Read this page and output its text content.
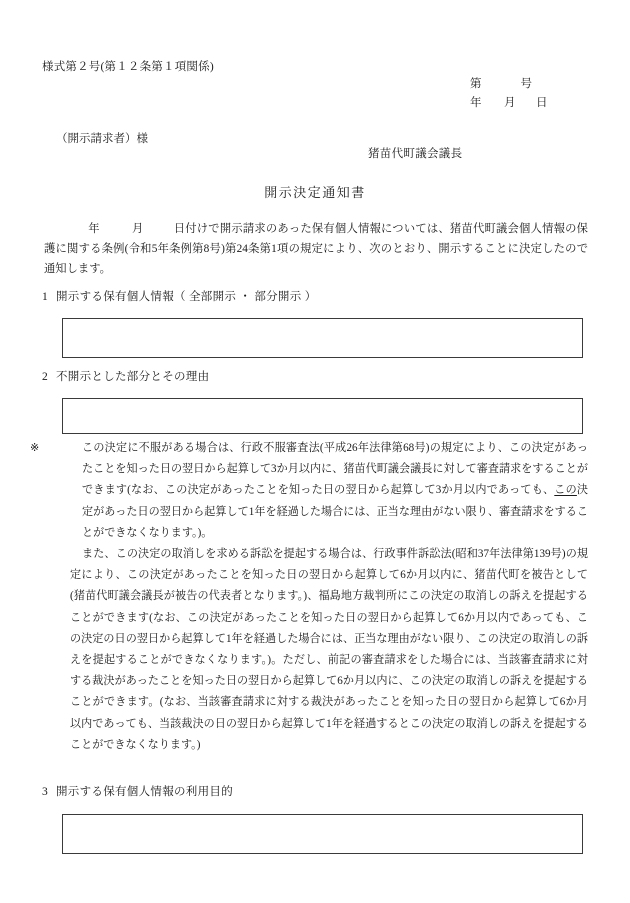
様式第２号(第１２条第１項関係)
第	号
年	月	日
（開示請求者）様
猪苗代町議会議長
開示決定通知書
年	月	日付けで開示請求のあった保有個人情報については、猪苗代町議会個人情報の保護に関する条例(令和5年条例第8号)第24条第1項の規定により、次のとおり、開示することに決定したので通知します。
1 開示する保有個人情報（ 全部開示 ・ 部分開示 ）
2 不開示とした部分とその理由

※	この決定に不服がある場合は、行政不服審査法(平成26年法律第68号)の規定により、この決定があったことを知った日の翌日から起算して3か月以内に、猪苗代町議会議長に対して審査請求をすることができます(なお、この決定があったことを知った日の翌日から起算して3か月以内であっても、この決定があった日の翌日から起算して1年を経過した場合には、正当な理由がない限り、審査請求をすることができなくなります。)。

また、この決定の取消しを求める訴訟を提起する場合は、行政事件訴訟法(昭和37年法律第139号)の規定により、この決定があったことを知った日の翌日から起算して6か月以内に、猪苗代町を被告として(猪苗代町議会議長が被告の代表者となります。)、福島地方裁判所にこの決定の取消しの訴えを提起することができます(なお、この決定があったことを知った日の翌日から起算して6か月以内であっても、この決定の日の翌日から起算して1年を経過した場合には、正当な理由がない限り、この決定の取消しの訴えを提起することができなくなります。)。ただし、前記の審査請求をした場合には、当該審査請求に対する裁決があったことを知った日の翌日から起算して6か月以内に、この決定の取消しの訴えを提起することができます。(なお、当該審査請求に対する裁決があったことを知った日の翌日から起算して6か月以内であっても、当該裁決の日の翌日から起算して1年を経過するとこの決定の取消しの訴えを提起することができなくなります。)

3 開示する保有個人情報の利用目的
